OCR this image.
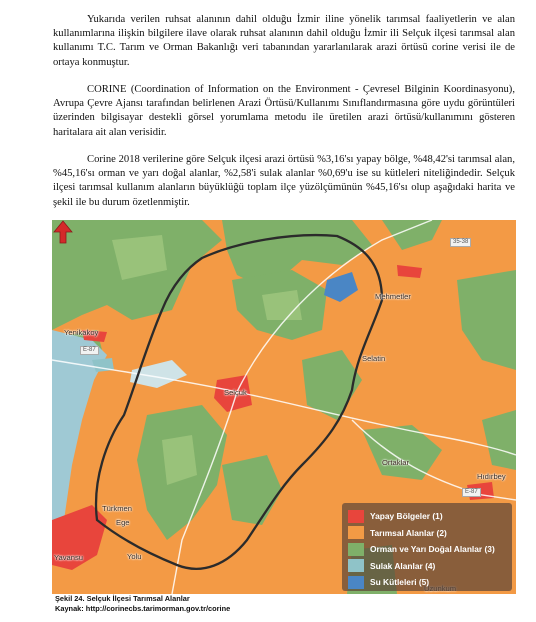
Yukarıda verilen ruhsat alanının dahil olduğu İzmir iline yönelik tarımsal faaliyetlerin ve alan kullanımlarına ilişkin bilgilere ilave olarak ruhsat alanının dahil olduğu İzmir ili Selçuk ilçesi tarımsal alan kullanımı T.C. Tarım ve Orman Bakanlığı veri tabanından yararlanılarak arazi örtüsü corine verisi ile de ortaya konmuştur.

CORINE (Coordination of Information on the Environment - Çevresel Bilginin Koordinasyonu), Avrupa Çevre Ajansı tarafından belirlenen Arazi Örtüsü/Kullanımı Sınıflandırmasına göre uydu görüntüleri üzerinden bilgisayar destekli görsel yorumlama metodu ile üretilen arazi örtüsü/kullanımını gösteren haritalara ait alan verisidir.

Corine 2018 verilerine göre Selçuk ilçesi arazi örtüsü %3,16'sı yapay bölge, %48,42'si tarımsal alan, %45,16'sı orman ve yarı doğal alanlar, %2,58'i sulak alanlar %0,69'u ise su kütleleri niteliğindedir. Selçuk ilçesi tarımsal kullanım alanların büyüklüğü toplam ilçe yüzölçümünün %45,16'sı olup aşağıdaki harita ve şekil ile bu durum özetlenmiştir.

35-38
E-87
E-87
Yenikakoy
Mehmetler
Selatin
Selçuk
Ortaklar
Hıdırbey
Türkmen
Ege
Yavansu	Yolu
Yapay Bölgeler (1)
Tarımsal Alanlar (2)
Orman ve Yarı Doğal Alanlar (3)
Sulak Alanlar (4)
Su Kütleleri (5)
Şekil 24. Selçuk İlçesi Tarımsal Alanlar
Kaynak: http://corinecbs.tarimorman.gov.tr/corine
